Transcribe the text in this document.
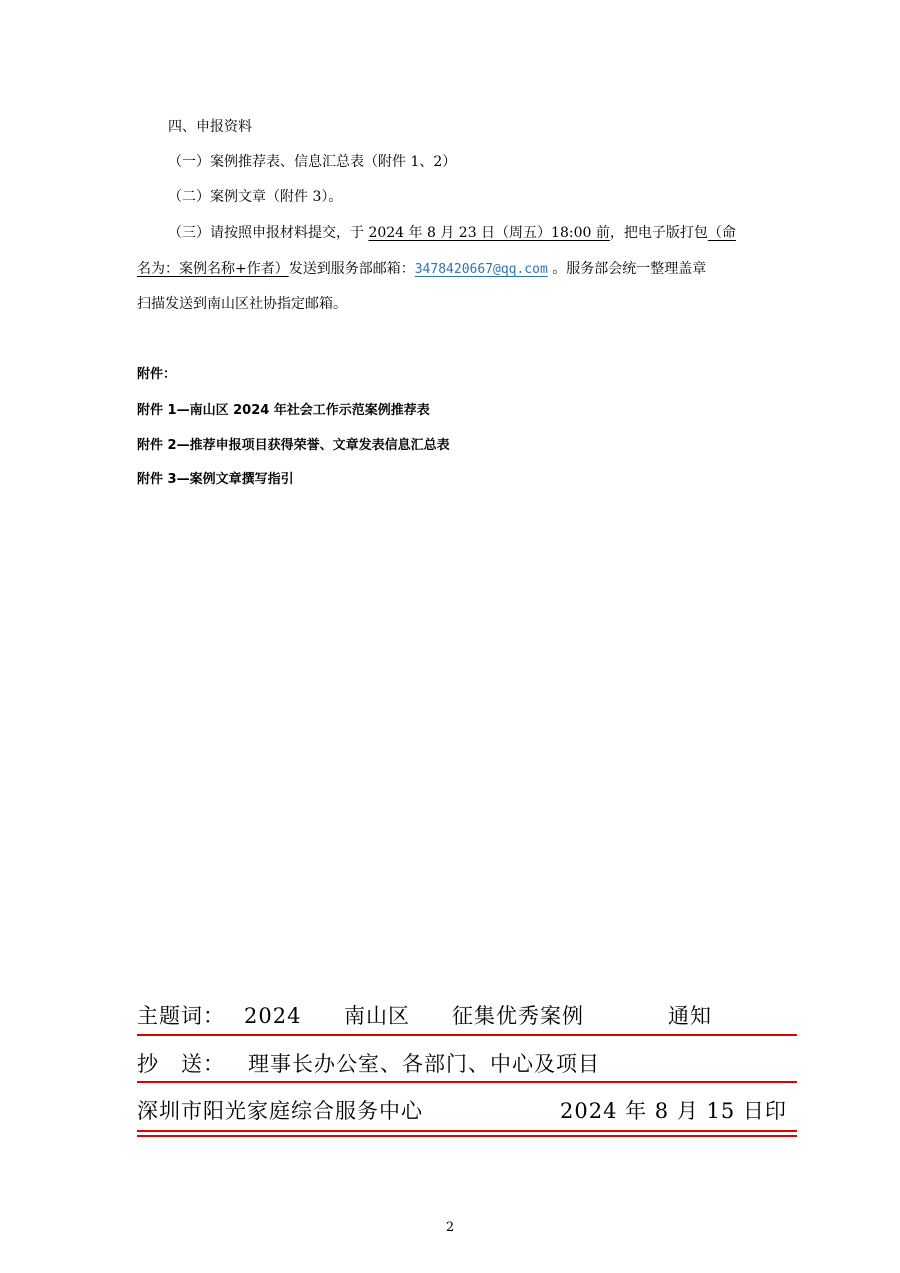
四、申报资料
（一）案例推荐表、信息汇总表（附件 1、2）
（二）案例文章（附件 3）。
（三）请按照申报材料提交，于 2024 年 8 月 23 日（周五）18:00 前，把电子版打包（命
名为：案例名称+作者）发送到服务部邮箱：3478420667@qq.com 。服务部会统一整理盖章
扫描发送到南山区社协指定邮箱。
附件：
附件 1—南山区 2024 年社会工作示范案例推荐表
附件 2—推荐申报项目获得荣誉、文章发表信息汇总表
附件 3—案例文章撰写指引
主题词： 2024 南山区 征集优秀案例	通知
抄　送： 理事长办公室、各部门、中心及项目
深圳市阳光家庭综合服务中心	2024 年 8 月 15 日印
2
